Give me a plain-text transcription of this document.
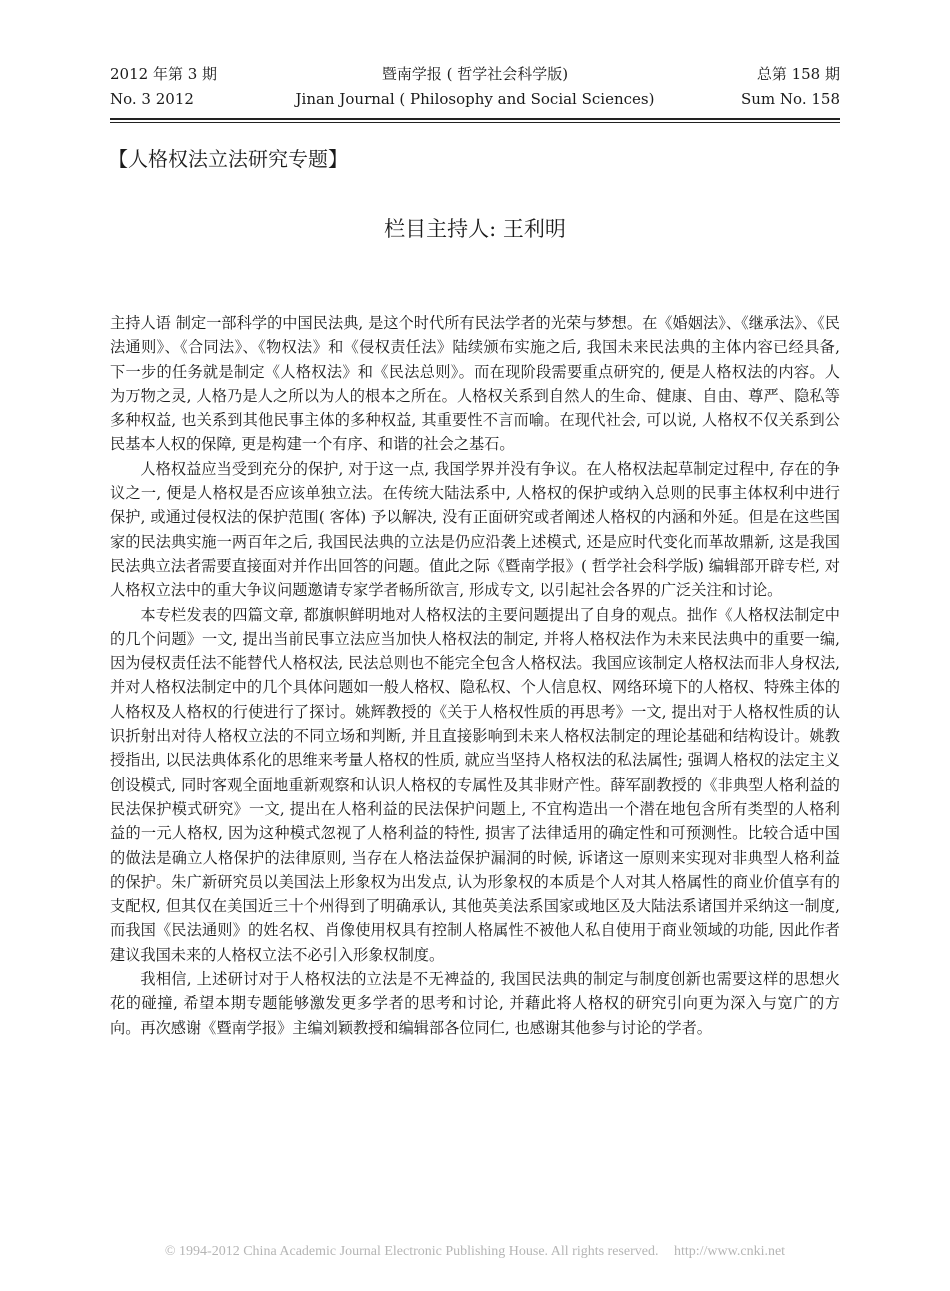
2012 年第 3 期
No. 3 2012
暨南学报 ( 哲学社会科学版)
Jinan Journal ( Philosophy and Social Sciences)
总第 158 期
Sum No. 158
【人格权法立法研究专题】
栏目主持人: 王利明

主持人语 制定一部科学的中国民法典, 是这个时代所有民法学者的光荣与梦想。在《婚姻法》、《继承法》、《民法通则》、《合同法》、《物权法》和《侵权责任法》陆续颁布实施之后, 我国未来民法典的主体内容已经具备, 下一步的任务就是制定《人格权法》和《民法总则》。而在现阶段需要重点研究的, 便是人格权法的内容。人为万物之灵, 人格乃是人之所以为人的根本之所在。人格权关系到自然人的生命、健康、自由、尊严、隐私等多种权益, 也关系到其他民事主体的多种权益, 其重要性不言而喻。在现代社会, 可以说, 人格权不仅关系到公民基本人权的保障, 更是构建一个有序、和谐的社会之基石。

人格权益应当受到充分的保护, 对于这一点, 我国学界并没有争议。在人格权法起草制定过程中, 存在的争议之一, 便是人格权是否应该单独立法。在传统大陆法系中, 人格权的保护或纳入总则的民事主体权利中进行保护, 或通过侵权法的保护范围( 客体) 予以解决, 没有正面研究或者阐述人格权的内涵和外延。但是在这些国家的民法典实施一两百年之后, 我国民法典的立法是仍应沿袭上述模式, 还是应时代变化而革故鼎新, 这是我国民法典立法者需要直接面对并作出回答的问题。值此之际《暨南学报》( 哲学社会科学版) 编辑部开辟专栏, 对人格权立法中的重大争议问题邀请专家学者畅所欲言, 形成专文, 以引起社会各界的广泛关注和讨论。

本专栏发表的四篇文章, 都旗帜鲜明地对人格权法的主要问题提出了自身的观点。拙作《人格权法制定中的几个问题》一文, 提出当前民事立法应当加快人格权法的制定, 并将人格权法作为未来民法典中的重要一编, 因为侵权责任法不能替代人格权法, 民法总则也不能完全包含人格权法。我国应该制定人格权法而非人身权法, 并对人格权法制定中的几个具体问题如一般人格权、隐私权、个人信息权、网络环境下的人格权、特殊主体的人格权及人格权的行使进行了探讨。姚辉教授的《关于人格权性质的再思考》一文, 提出对于人格权性质的认识折射出对待人格权立法的不同立场和判断, 并且直接影响到未来人格权法制定的理论基础和结构设计。姚教授指出, 以民法典体系化的思维来考量人格权的性质, 就应当坚持人格权法的私法属性; 强调人格权的法定主义创设模式, 同时客观全面地重新观察和认识人格权的专属性及其非财产性。薛军副教授的《非典型人格利益的民法保护模式研究》一文, 提出在人格利益的民法保护问题上, 不宜构造出一个潜在地包含所有类型的人格利益的一元人格权, 因为这种模式忽视了人格利益的特性, 损害了法律适用的确定性和可预测性。比较合适中国的做法是确立人格保护的法律原则, 当存在人格法益保护漏洞的时候, 诉诸这一原则来实现对非典型人格利益的保护。朱广新研究员以美国法上形象权为出发点, 认为形象权的本质是个人对其人格属性的商业价值享有的支配权, 但其仅在美国近三十个州得到了明确承认, 其他英美法系国家或地区及大陆法系诸国并采纳这一制度, 而我国《民法通则》的姓名权、肖像使用权具有控制人格属性不被他人私自使用于商业领域的功能, 因此作者建议我国未来的人格权立法不必引入形象权制度。

我相信, 上述研讨对于人格权法的立法是不无裨益的, 我国民法典的制定与制度创新也需要这样的思想火花的碰撞, 希望本期专题能够激发更多学者的思考和讨论, 并藉此将人格权的研究引向更为深入与宽广的方向。再次感谢《暨南学报》主编刘颖教授和编辑部各位同仁, 也感谢其他参与讨论的学者。

© 1994-2012 China Academic Journal Electronic Publishing House. All rights reserved. http://www.cnki.net
